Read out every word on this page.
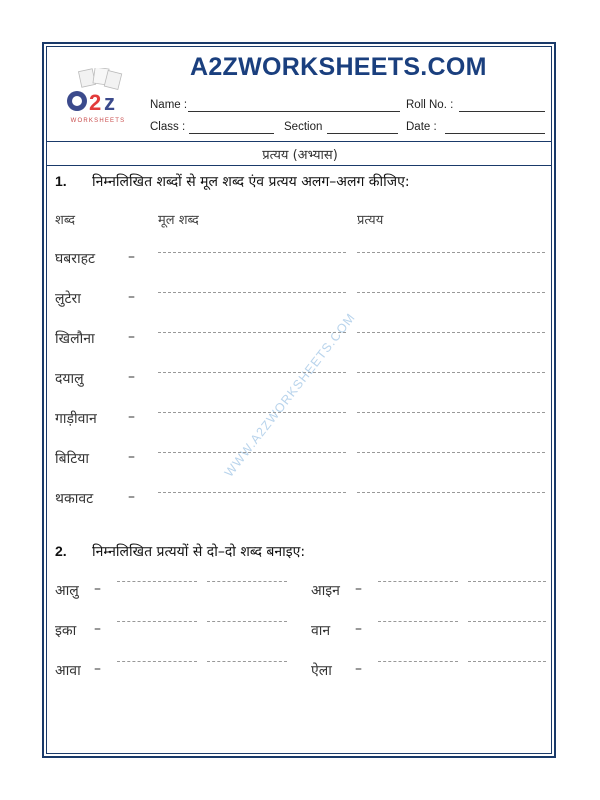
WWW.A2ZWORKSHEETS.COM
A2ZWORKSHEETS.COM
2 z
WORKSHEETS
Name :	Roll No. :
Class :	Section	Date :
प्रत्यय (अभ्यास)
1. निम्नलिखित शब्दों से मूल शब्द एंव प्रत्यय अलग–अलग कीजिए:
शब्द	मूल शब्द	प्रत्यय
घबराहट –
लुटेरा	–
खिलौना –
दयालु	–
गाड़ीवान –
बिटिया	–
थकावट –
2. निम्नलिखित प्रत्ययों से दो–दो शब्द बनाइए:
आलु –	आइन –
इका –	वान –
आवा –	ऐला –
